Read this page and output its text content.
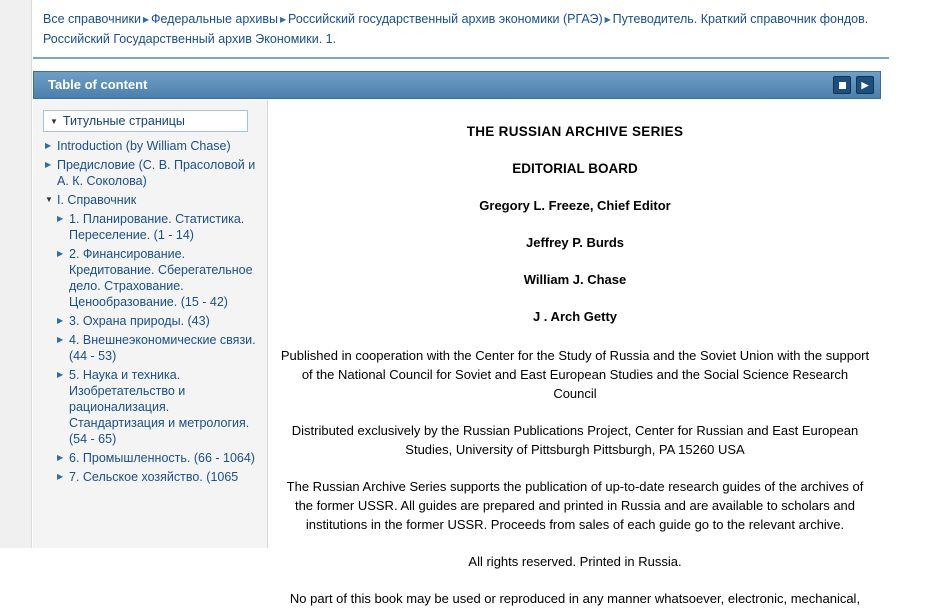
Все справочники ▶ Федеральные архивы ▶ Российский государственный архив экономики (РГАЭ) ▶ Путеводитель. Краткий справочник фондов. Российский Государственный архив Экономики. 1.
Table of content
▶
▼ Титульные страницы
▶
Introduction (by William Chase)
▶
Предисловие (С. В. Прасоловой и А. К. Соколова)
▼
I. Справочник
▶
1. Планирование. Статистика. Переселение. (1 - 14)
▶
2. Финансирование. Кредитование. Сберегательное дело. Страхование. Ценообразование. (15 - 42)
▶
3. Охрана природы. (43)
▶
4. Внешнеэкономические связи. (44 - 53)
▶
5. Наука и техника. Изобретательство и рационализация. Стандартизация и метрология. (54 - 65)
▶
6. Промышленность. (66 - 1064)
▶
7. Сельское хозяйство. (1065
THE RUSSIAN ARCHIVE SERIES
EDITORIAL BOARD
Gregory L. Freeze, Chief Editor
Jeffrey P. Burds
William J. Chase
J . Arch Getty
Published in cooperation with the Center for the Study of Russia and the Soviet Union with the support of the National Council for Soviet and East European Studies and the Social Science Research Council
Distributed exclusively by the Russian Publications Project, Center for Russian and East European Studies, University of Pittsburgh Pittsburgh, PA 15260 USA
The Russian Archive Series supports the publication of up-to-date research guides of the archives of the former USSR. All guides are prepared and printed in Russia and are available to scholars and institutions in the former USSR. Proceeds from sales of each guide go to the relevant archive.
All rights reserved. Printed in Russia.
No part of this book may be used or reproduced in any manner whatsoever, electronic, mechanical,
